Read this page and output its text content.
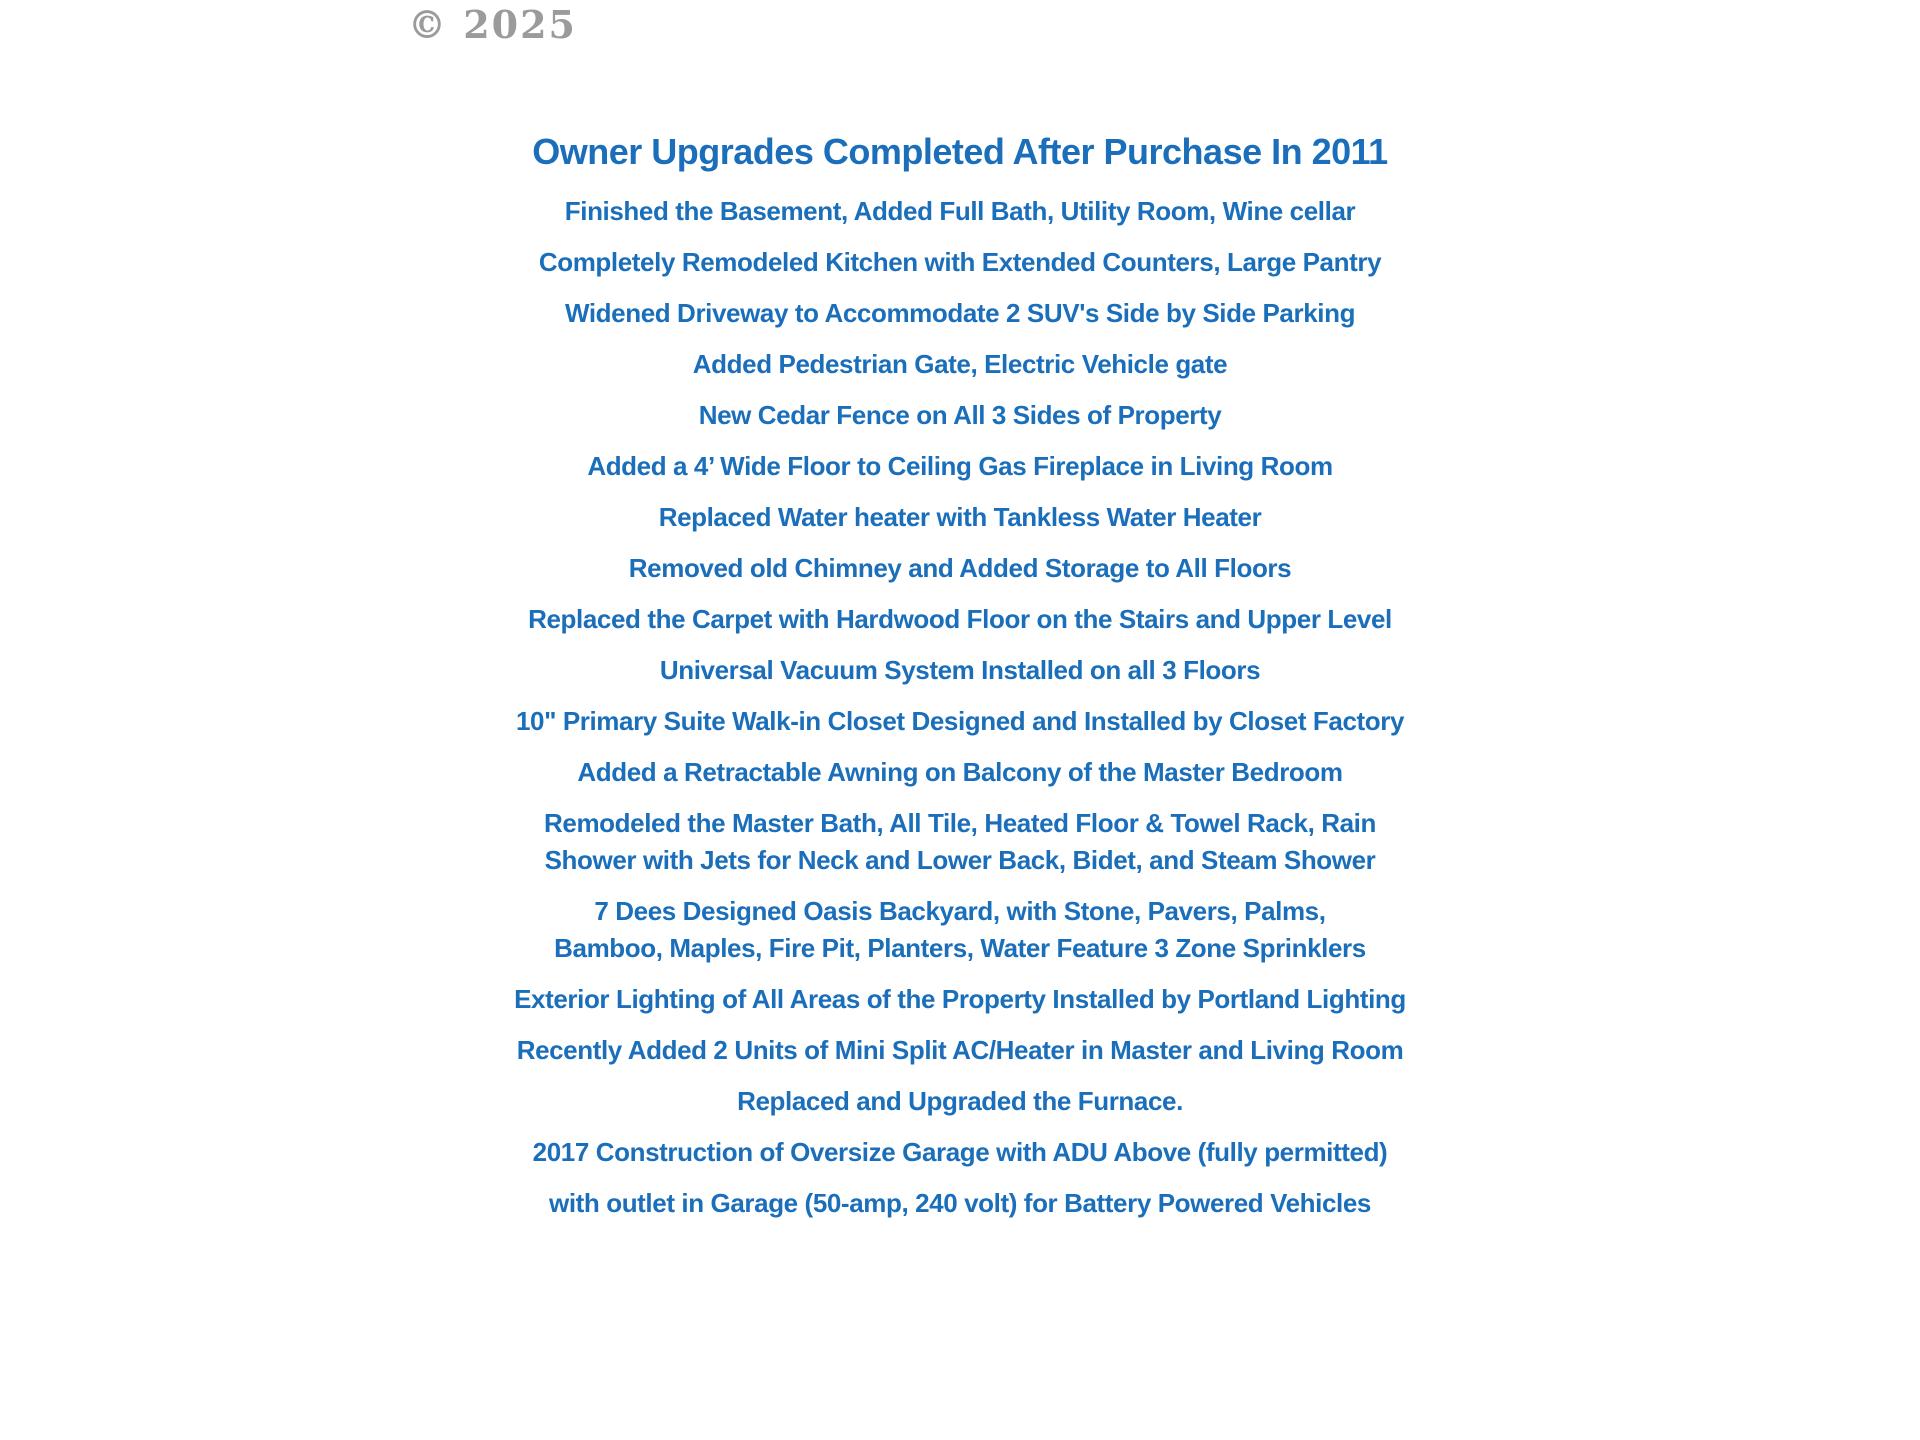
© 2025
Owner Upgrades Completed After Purchase In 2011

Finished the Basement, Added Full Bath, Utility Room, Wine cellar

Completely Remodeled Kitchen with Extended Counters, Large Pantry

Widened Driveway to Accommodate 2 SUV's Side by Side Parking

Added Pedestrian Gate, Electric Vehicle gate

New Cedar Fence on All 3 Sides of Property

Added a 4’ Wide Floor to Ceiling Gas Fireplace in Living Room

Replaced Water heater with Tankless Water Heater

Removed old Chimney and Added Storage to All Floors

Replaced the Carpet with Hardwood Floor on the Stairs and Upper Level

Universal Vacuum System Installed on all 3 Floors

10" Primary Suite Walk-in Closet Designed and Installed by Closet Factory

Added a Retractable Awning on Balcony of the Master Bedroom

Remodeled the Master Bath, All Tile, Heated Floor & Towel Rack, Rain
Shower with Jets for Neck and Lower Back, Bidet, and Steam Shower

7 Dees Designed Oasis Backyard, with Stone, Pavers, Palms,
Bamboo, Maples, Fire Pit, Planters, Water Feature 3 Zone Sprinklers

Exterior Lighting of All Areas of the Property Installed by Portland Lighting

Recently Added 2 Units of Mini Split AC/Heater in Master and Living Room

Replaced and Upgraded the Furnace.

2017 Construction of Oversize Garage with ADU Above (fully permitted)

with outlet in Garage (50-amp, 240 volt) for Battery Powered Vehicles
